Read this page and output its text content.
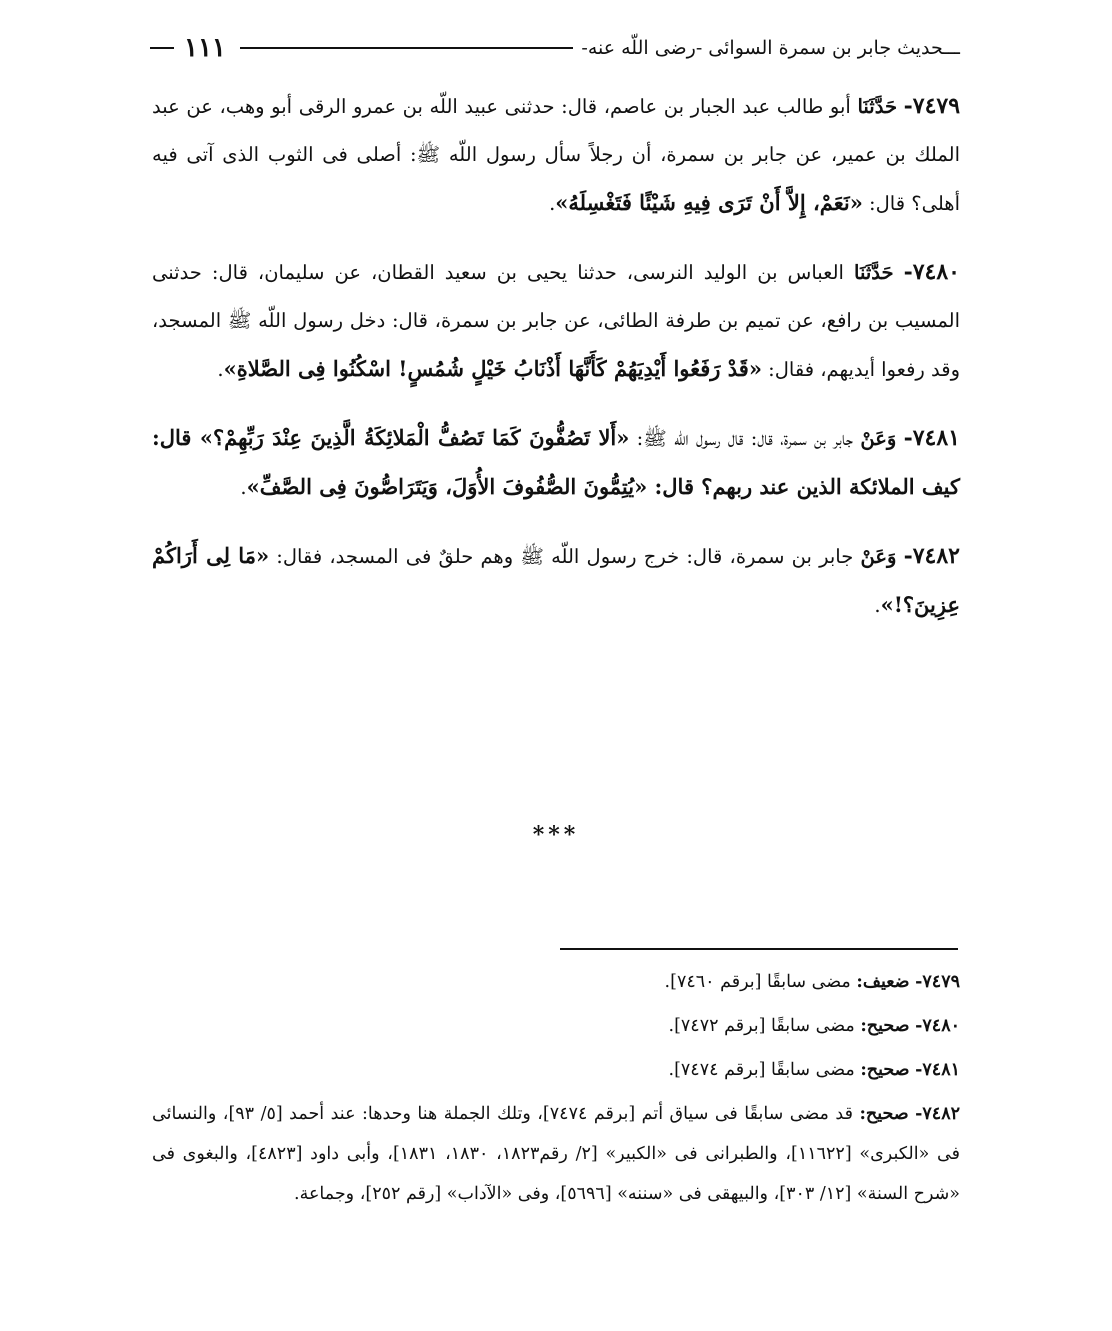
ـــحديث جابر بن سمرة السوائى -رضى اللّه عنه-
١١١

٧٤٧٩- حَدَّثَنَا أبو طالب عبد الجبار بن عاصم، قال: حدثنى عبيد اللّه بن عمرو الرقى أبو وهب، عن عبد الملك بن عمير، عن جابر بن سمرة، أن رجلاً سأل رسول اللّه ﷺ: أصلى فى الثوب الذى آتى فيه أهلى؟ قال: «نَعَمْ، إِلاَّ أَنْ تَرَى فِيهِ شَيْئًا فَتَغْسِلَهُ».

٧٤٨٠- حَدَّثَنَا العباس بن الوليد النرسى، حدثنا يحيى بن سعيد القطان، عن سليمان، قال: حدثنى المسيب بن رافع، عن تميم بن طرفة الطائى، عن جابر بن سمرة، قال: دخل رسول اللّه ﷺ المسجد، وقد رفعوا أيديهم، فقال: «قَدْ رَفَعُوا أَيْدِيَهُمْ كَأَنَّهَا أَذْنَابُ خَيْلٍ شُمُسٍ! اسْكُنُوا فِى الصَّلاةِ».

٧٤٨١- وَعَنْ جابر بن سمرة، قال: قال رسول اللّه ﷺ: «أَلا تَصُفُّونَ كَمَا تَصُفُّ الْمَلائِكَةُ الَّذِينَ عِنْدَ رَبِّهِمْ؟» قال: كيف الملائكة الذين عند ربهم؟ قال: «يُتِمُّونَ الصُّفُوفَ الأُوَلَ، وَيَتَرَاصُّونَ فِى الصَّفِّ».

٧٤٨٢- وَعَنْ جابر بن سمرة، قال: خرج رسول اللّه ﷺ وهم حلقٌ فى المسجد، فقال: «مَا لِى أَرَاكُمْ عِزِينَ؟!».

***

٧٤٧٩- ضعيف: مضى سابقًا [برقم ٧٤٦٠].

٧٤٨٠- صحيح: مضى سابقًا [برقم ٧٤٧٢].

٧٤٨١- صحيح: مضى سابقًا [برقم ٧٤٧٤].

٧٤٨٢- صحيح: قد مضى سابقًا فى سياق أتم [برقم ٧٤٧٤]، وتلك الجملة هنا وحدها: عند أحمد [٥/ ٩٣]، والنسائى فى «الكبرى» [١١٦٢٢]، والطبرانى فى «الكبير» [٢/ رقم١٨٢٣، ١٨٣٠، ١٨٣١]، وأبى داود [٤٨٢٣]، والبغوى فى «شرح السنة» [١٢/ ٣٠٣]، والبيهقى فى «سننه» [٥٦٩٦]، وفى «الآداب» [رقم ٢٥٢]، وجماعة.
